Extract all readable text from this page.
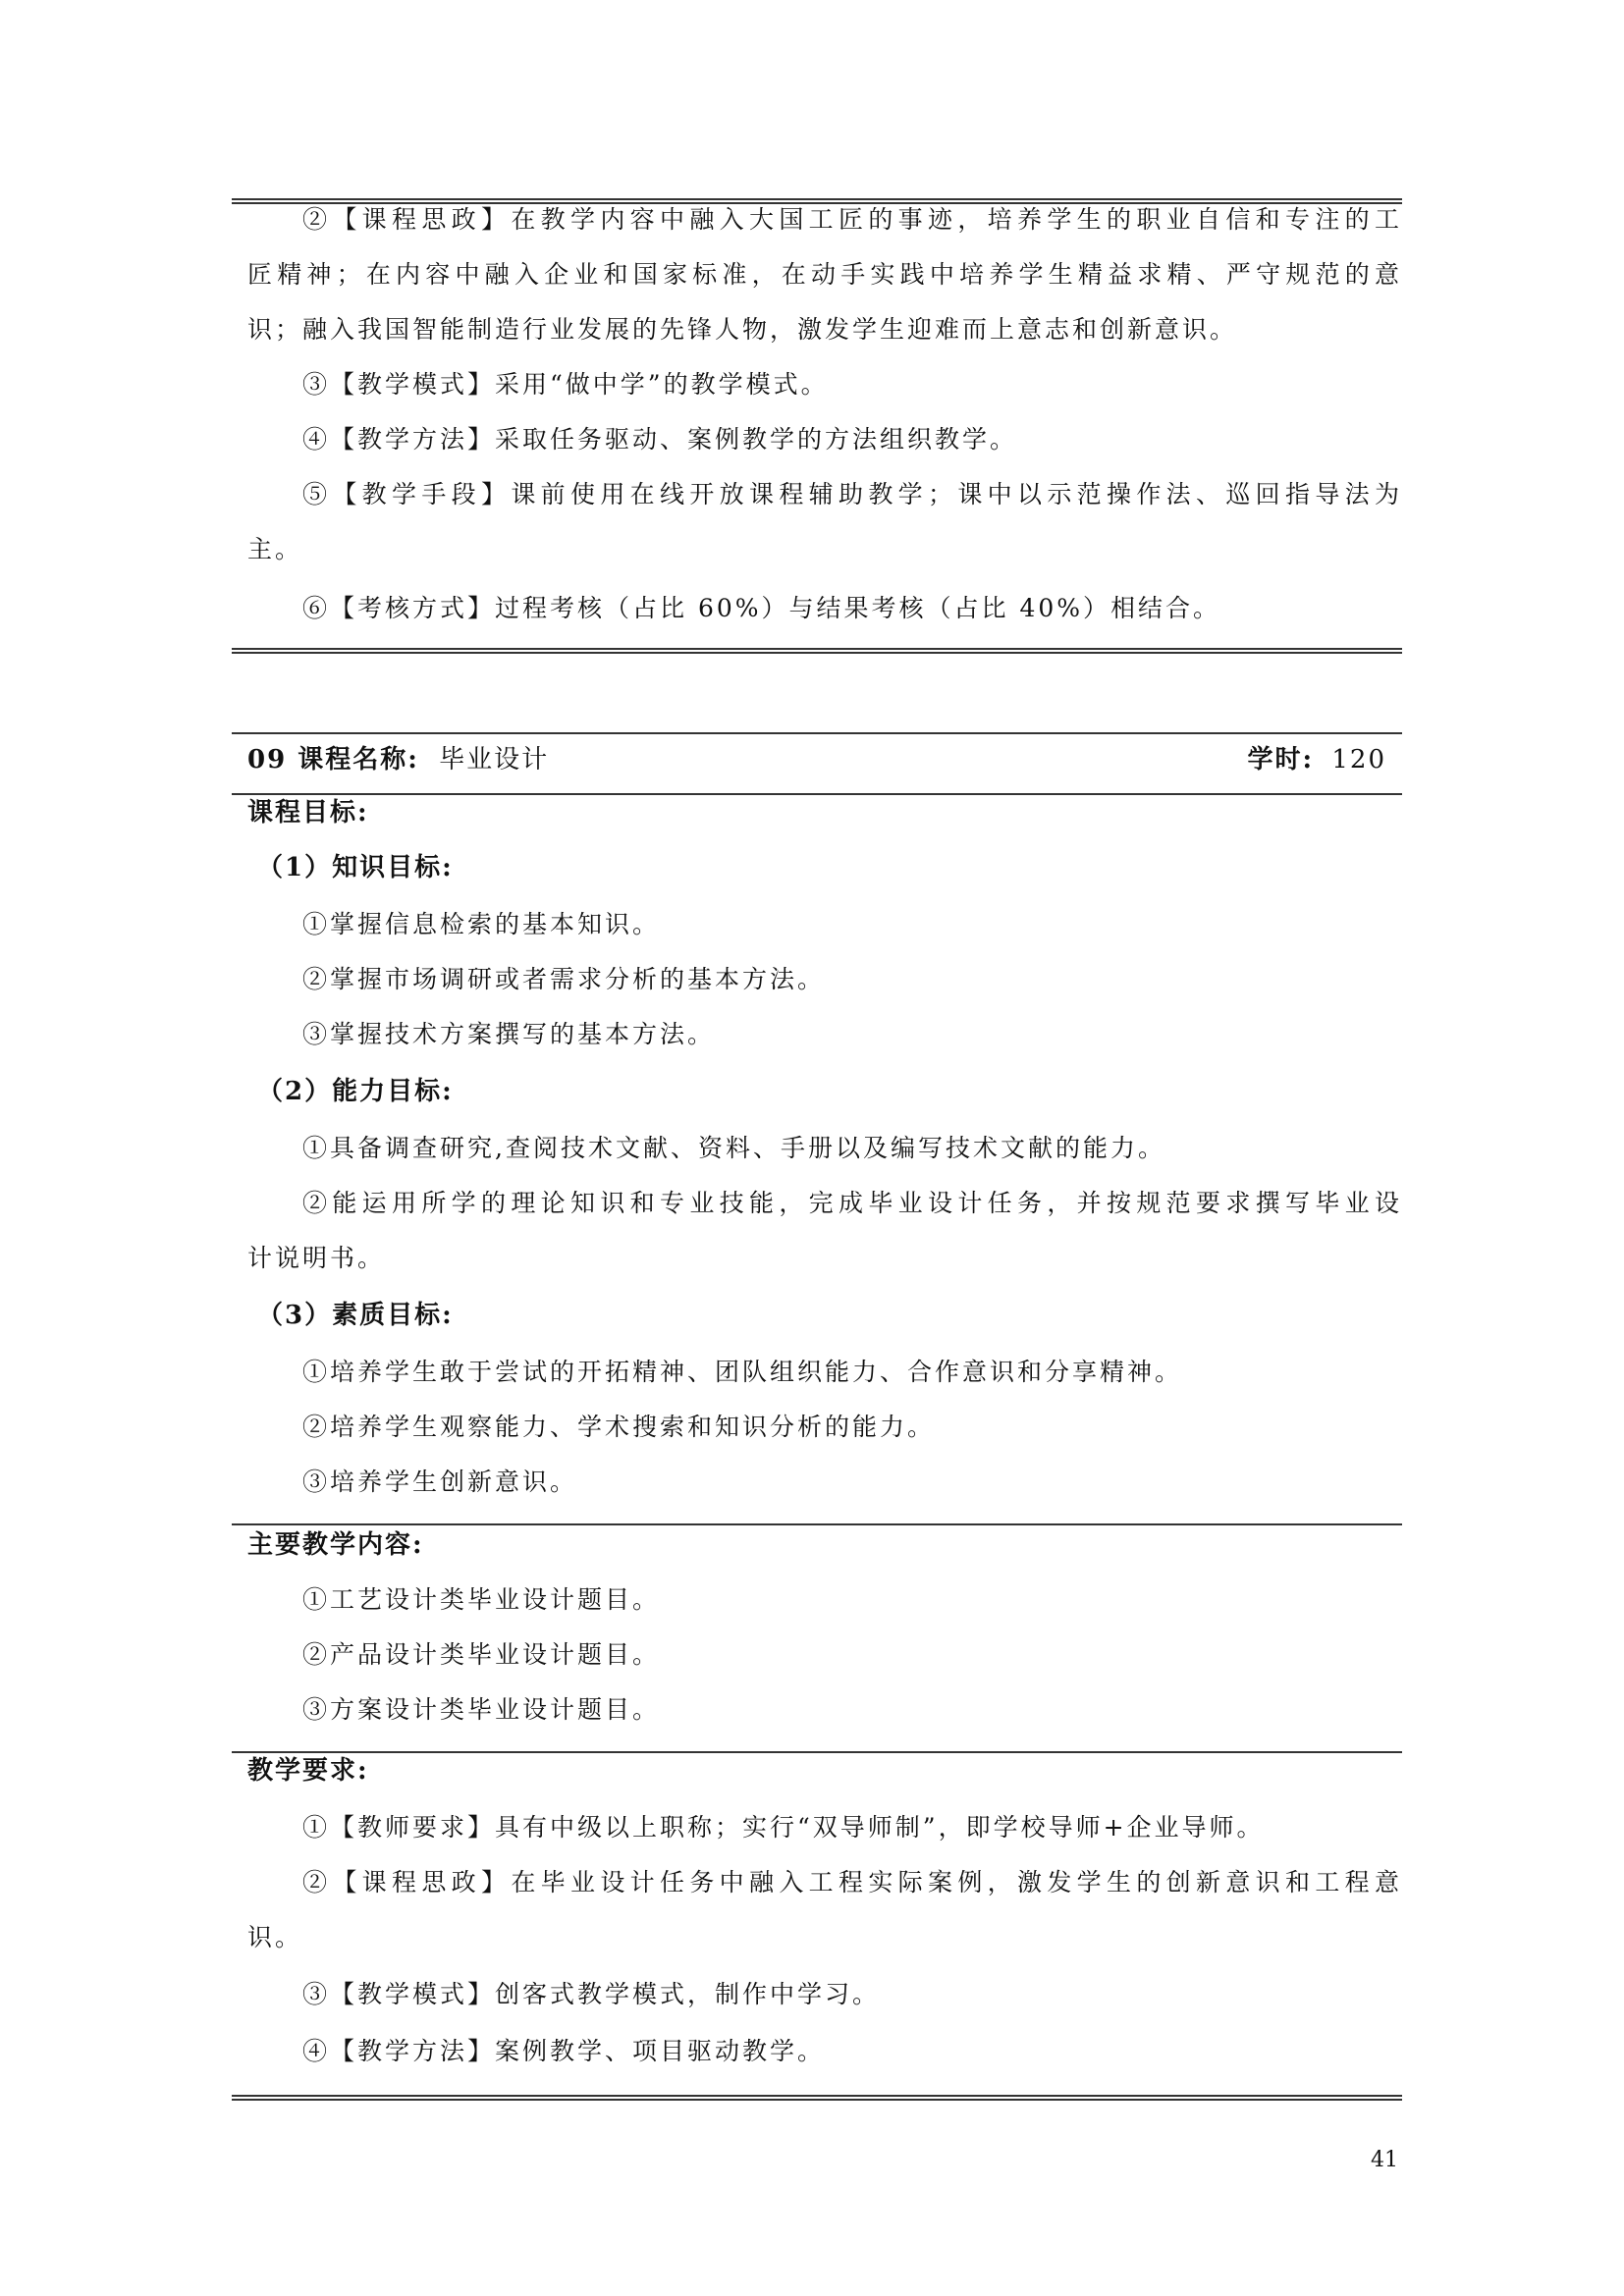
②【课程思政】在教学内容中融入大国工匠的事迹，培养学生的职业自信和专注的工
匠精神；在内容中融入企业和国家标准，在动手实践中培养学生精益求精、严守规范的意
识；融入我国智能制造行业发展的先锋人物，激发学生迎难而上意志和创新意识。
③【教学模式】采用“做中学”的教学模式。
④【教学方法】采取任务驱动、案例教学的方法组织教学。
⑤【教学手段】课前使用在线开放课程辅助教学；课中以示范操作法、巡回指导法为
主。
⑥【考核方式】过程考核（占比 60%）与结果考核（占比 40%）相结合。
09 课程名称: 毕业设计	学时: 120
课程目标:
（1）知识目标:
①掌握信息检索的基本知识。
②掌握市场调研或者需求分析的基本方法。
③掌握技术方案撰写的基本方法。
（2）能力目标:
①具备调查研究,查阅技术文献、资料、手册以及编写技术文献的能力。
②能运用所学的理论知识和专业技能，完成毕业设计任务，并按规范要求撰写毕业设
计说明书。
（3）素质目标:
①培养学生敢于尝试的开拓精神、团队组织能力、合作意识和分享精神。
②培养学生观察能力、学术搜索和知识分析的能力。
③培养学生创新意识。
主要教学内容:
①工艺设计类毕业设计题目。
②产品设计类毕业设计题目。
③方案设计类毕业设计题目。
教学要求:
①【教师要求】具有中级以上职称；实行“双导师制”，即学校导师+企业导师。
②【课程思政】在毕业设计任务中融入工程实际案例，激发学生的创新意识和工程意
识。
③【教学模式】创客式教学模式，制作中学习。
④【教学方法】案例教学、项目驱动教学。
41
